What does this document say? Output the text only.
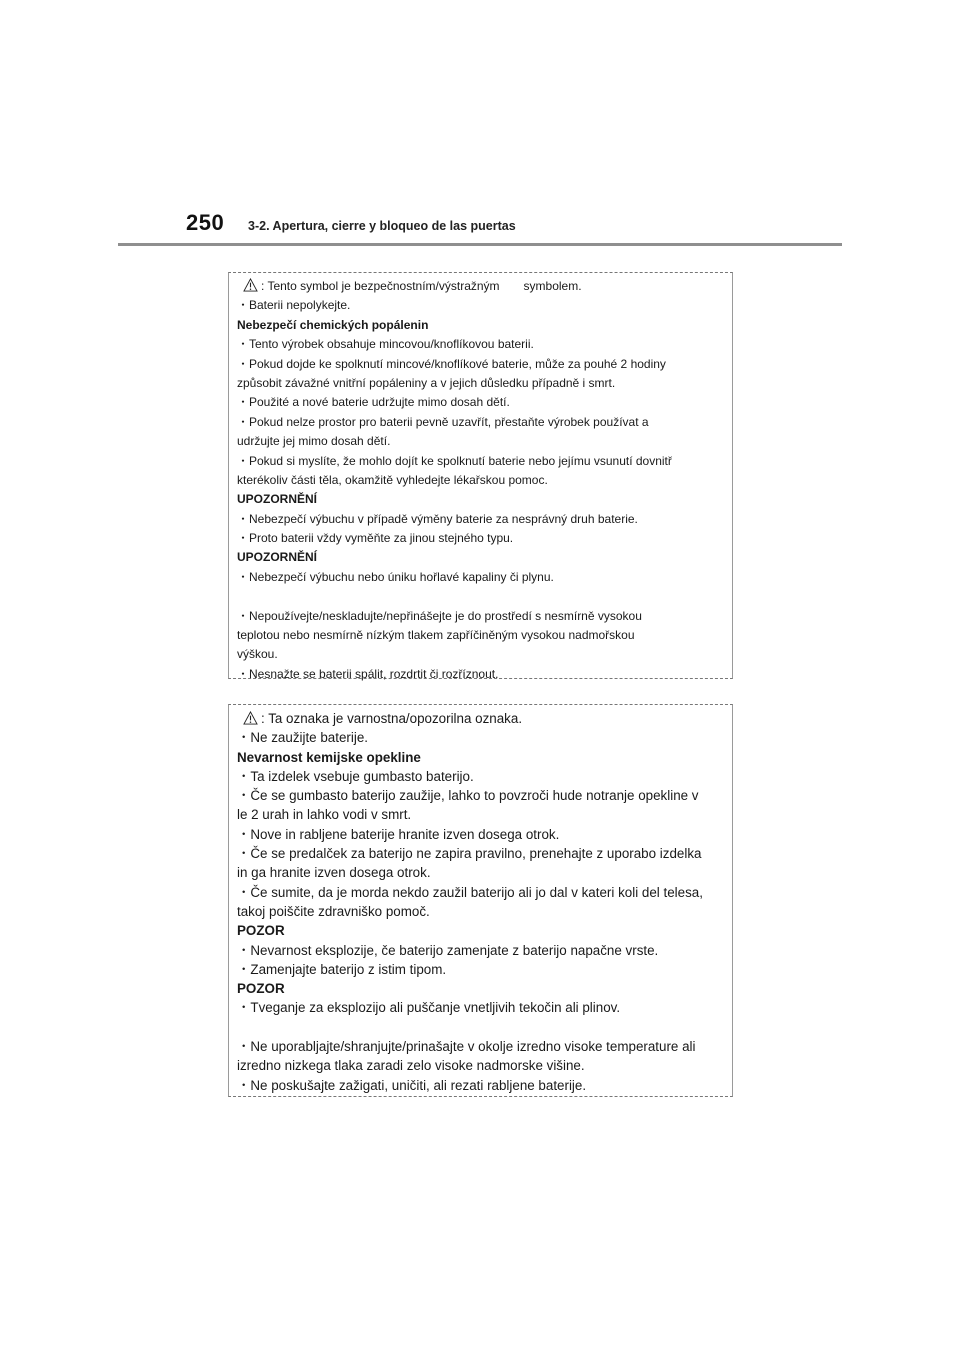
250 3-2. Apertura, cierre y bloqueo de las puertas
: Tento symbol je bezpečnostním/výstražným symbolem.
・Baterii nepolykejte.
Nebezpečí chemických popálenin
・Tento výrobek obsahuje mincovou/knoflíkovou baterii.
・Pokud dojde ke spolknutí mincové/knoflíkové baterie, může za pouhé 2 hodiny
způsobit závažné vnitřní popáleniny a v jejich důsledku případně i smrt.
・Použité a nové baterie udržujte mimo dosah dětí.
・Pokud nelze prostor pro baterii pevně uzavřít, přestaňte výrobek používat a
udržujte jej mimo dosah dětí.
・Pokud si myslíte, že mohlo dojít ke spolknutí baterie nebo jejímu vsunutí dovnitř
kterékoliv části těla, okamžitě vyhledejte lékařskou pomoc.
UPOZORNĚNÍ
・Nebezpečí výbuchu v případě výměny baterie za nesprávný druh baterie.
・Proto baterii vždy vyměňte za jinou stejného typu.
UPOZORNĚNÍ
・Nebezpečí výbuchu nebo úniku hořlavé kapaliny či plynu.
・Nepoužívejte/neskladujte/nepřinášejte je do prostředí s nesmírně vysokou
teplotou nebo nesmírně nízkým tlakem zapříčiněným vysokou nadmořskou
výškou.
・Nesnažte se baterii spálit, rozdrtit či rozříznout.
: Ta oznaka je varnostna/opozorilna oznaka.
・Ne zaužijte baterije.
Nevarnost kemijske opekline
・Ta izdelek vsebuje gumbasto baterijo.
・Če se gumbasto baterijo zaužije, lahko to povzroči hude notranje opekline v
le 2 urah in lahko vodi v smrt.
・Nove in rabljene baterije hranite izven dosega otrok.
・Če se predalček za baterijo ne zapira pravilno, prenehajte z uporabo izdelka
in ga hranite izven dosega otrok.
・Če sumite, da je morda nekdo zaužil baterijo ali jo dal v kateri koli del telesa,
takoj poiščite zdravniško pomoč.
POZOR
・Nevarnost eksplozije, če baterijo zamenjate z baterijo napačne vrste.
・Zamenjajte baterijo z istim tipom.
POZOR
・Tveganje za eksplozijo ali puščanje vnetljivih tekočin ali plinov.
・Ne uporabljajte/shranjujte/prinašajte v okolje izredno visoke temperature ali
izredno nizkega tlaka zaradi zelo visoke nadmorske višine.
・Ne poskušajte zažigati, uničiti, ali rezati rabljene baterije.
